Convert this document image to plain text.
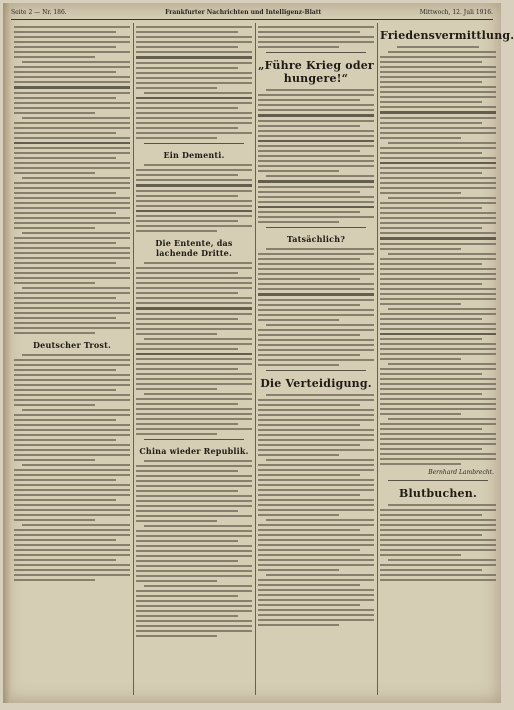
Seite 2 — Nr. 186.	Frankfurter Nachrichten und Intelligenz-Blatt	Mittwoch, 12. Juli 1916.
Deutscher Trost.
Ein Dementi.
Die Entente, das lachende Dritte.
China wieder Republik.
„Führe Krieg oder hungere!“
Tatsächlich?
Die Verteidigung.
Friedensvermittlung.
Bernhard Lambrecht.
Blutbuchen.
